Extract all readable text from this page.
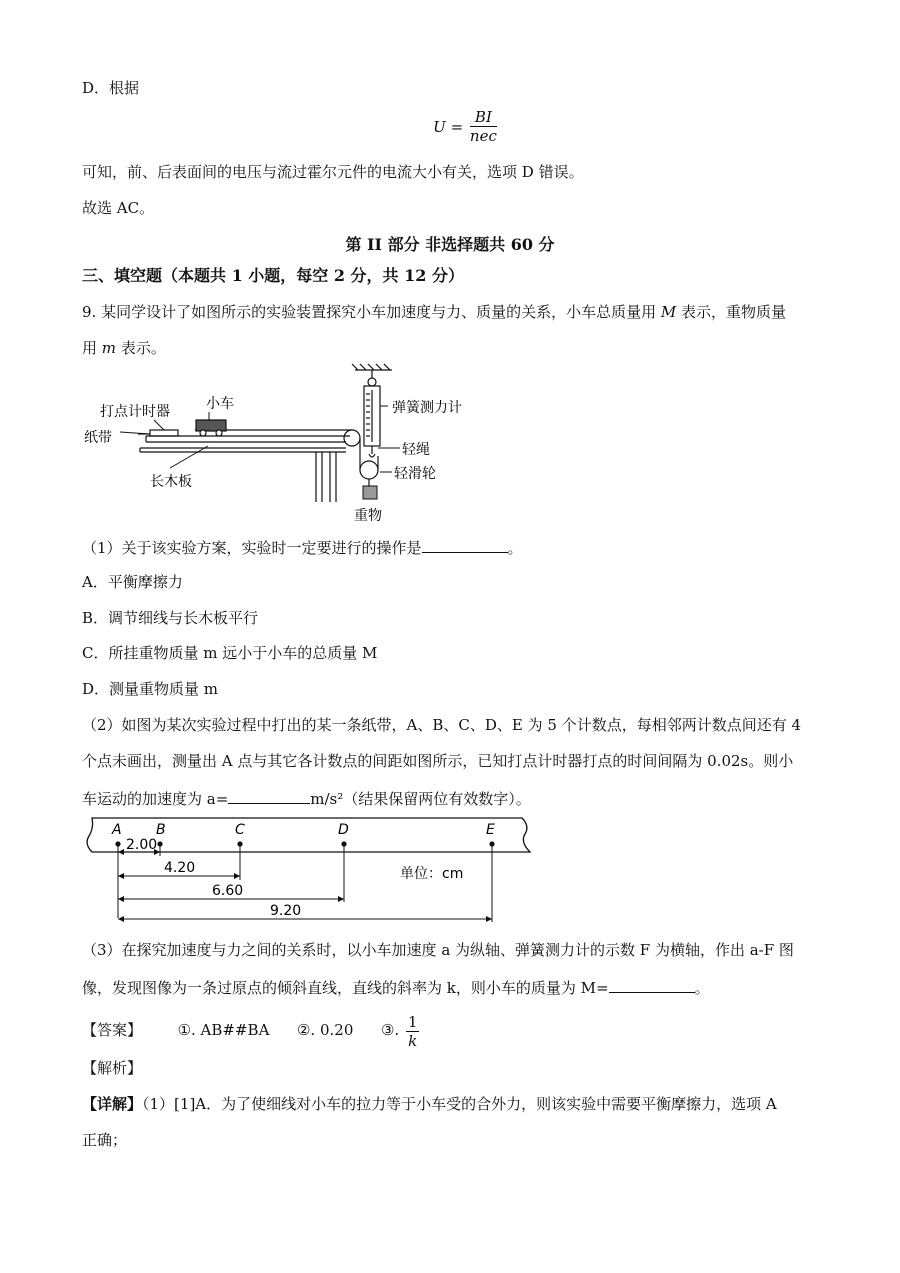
D．根据
$U = \frac{BI}{\text{nec}}$
可知，前、后表面间的电压与流过霍尔元件的电流大小有关，选项 D 错误。
故选 AC。
第 II 部分 非选择题共 60 分
三、填空题（本题共 1 小题，每空 2 分，共 12 分）
9. 某同学设计了如图所示的实验装置探究小车加速度与力、质量的关系，小车总质量用 M 表示，重物质量
用 m 表示。
打点计时器	小车
纸带
长木板
弹簧测力计
轻绳
轻滑轮
重物
（1）关于该实验方案，实验时一定要进行的操作是	。
A．平衡摩擦力
B．调节细线与长木板平行
C．所挂重物质量 m 远小于小车的总质量 M
D．测量重物质量 m
（2）如图为某次实验过程中打出的某一条纸带，A、B、C、D、E 为 5 个计数点，每相邻两计数点间还有 4
个点未画出，测量出 A 点与其它各计数点的间距如图所示，已知打点计时器打点的时间间隔为 0.02s。则小
车运动的加速度为 a=	m/s²（结果保留两位有效数字）。
A B	C	D	E
2.00
4.20
6.60
9.20
单位：cm
（3）在探究加速度与力之间的关系时，以小车加速度 a 为纵轴、弹簧测力计的示数 F 为横轴，作出 a-F 图
像，发现图像为一条过原点的倾斜直线，直线的斜率为 k，则小车的质量为 M=	。
【答案】 ①. AB##BA ②. 0.20 ③. $\frac{1}{k}$
【解析】
【详解】（1）[1]A．为了使细线对小车的拉力等于小车受的合外力，则该实验中需要平衡摩擦力，选项 A
正确；
